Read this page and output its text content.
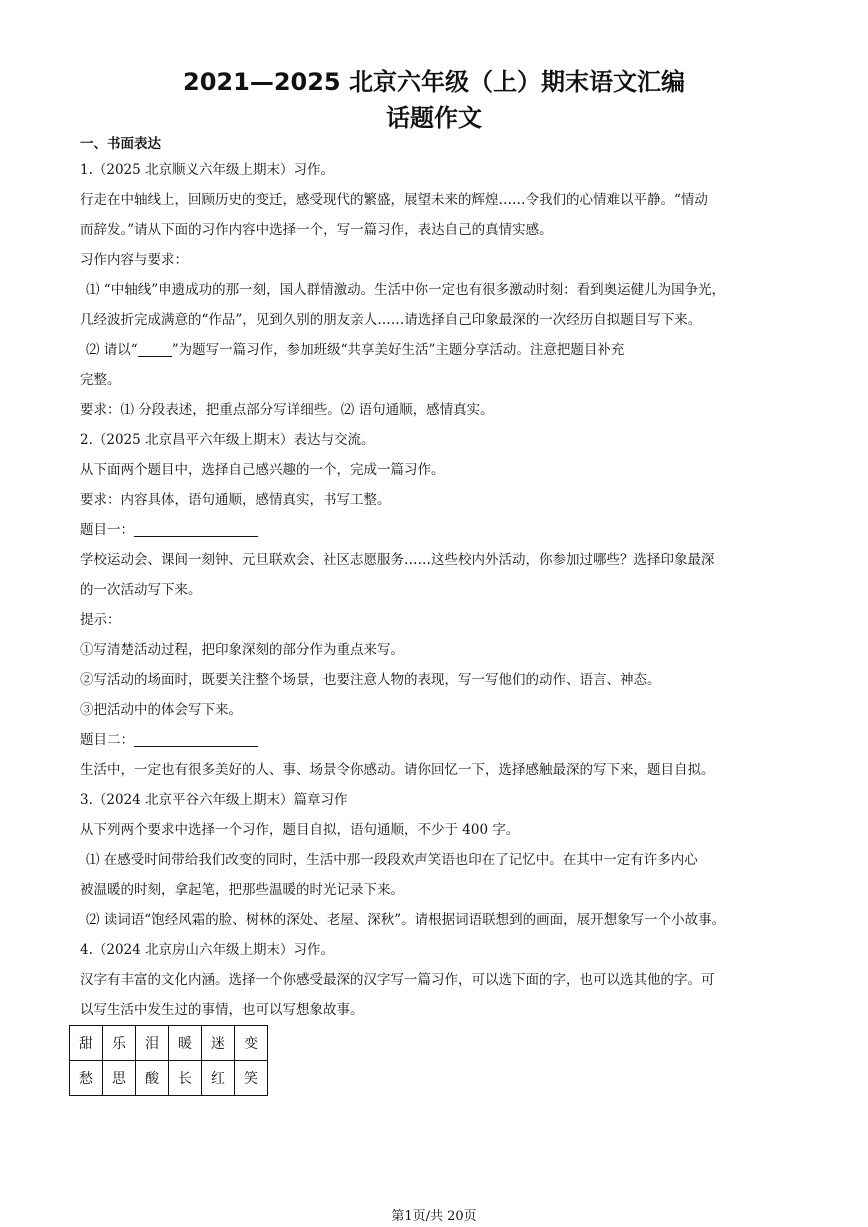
2021—2025 北京六年级（上）期末语文汇编
话题作文
一、书面表达
1.（2025 北京顺义六年级上期末）习作。
行走在中轴线上，回顾历史的变迁，感受现代的繁盛，展望未来的辉煌……令我们的心情难以平静。“情动
而辞发。”请从下面的习作内容中选择一个，写一篇习作，表达自己的真情实感。
习作内容与要求：
⑴ “中轴线”申遗成功的那一刻，国人群情激动。生活中你一定也有很多激动时刻：看到奥运健儿为国争光，
几经波折完成满意的“作品”，见到久别的朋友亲人……请选择自己印象最深的一次经历自拟题目写下来。
⑵ 请以“	”为题写一篇习作，参加班级“共享美好生活”主题分享活动。注意把题目补充
完整。
要求：⑴ 分段表述，把重点部分写详细些。⑵ 语句通顺，感情真实。
2.（2025 北京昌平六年级上期末）表达与交流。
从下面两个题目中，选择自己感兴趣的一个，完成一篇习作。
要求：内容具体，语句通顺，感情真实，书写工整。
题目一：
学校运动会、课间一刻钟、元旦联欢会、社区志愿服务……这些校内外活动，你参加过哪些？选择印象最深
的一次活动写下来。
提示：
①写清楚活动过程，把印象深刻的部分作为重点来写。
②写活动的场面时，既要关注整个场景，也要注意人物的表现，写一写他们的动作、语言、神态。
③把活动中的体会写下来。
题目二：
生活中，一定也有很多美好的人、事、场景令你感动。请你回忆一下，选择感触最深的写下来，题目自拟。
3.（2024 北京平谷六年级上期末）篇章习作
从下列两个要求中选择一个习作，题目自拟，语句通顺，不少于 400 字。
⑴ 在感受时间带给我们改变的同时，生活中那一段段欢声笑语也印在了记忆中。在其中一定有许多内心
被温暖的时刻，拿起笔，把那些温暖的时光记录下来。
⑵ 读词语“饱经风霜的脸、树林的深处、老屋、深秋”。请根据词语联想到的画面，展开想象写一个小故事。
4.（2024 北京房山六年级上期末）习作。
汉字有丰富的文化内涵。选择一个你感受最深的汉字写一篇习作，可以选下面的字，也可以选其他的字。可
以写生活中发生过的事情，也可以写想象故事。
甜	乐	泪	暖	迷	变
愁	思	酸	长	红	笑
第1页/共 20页
